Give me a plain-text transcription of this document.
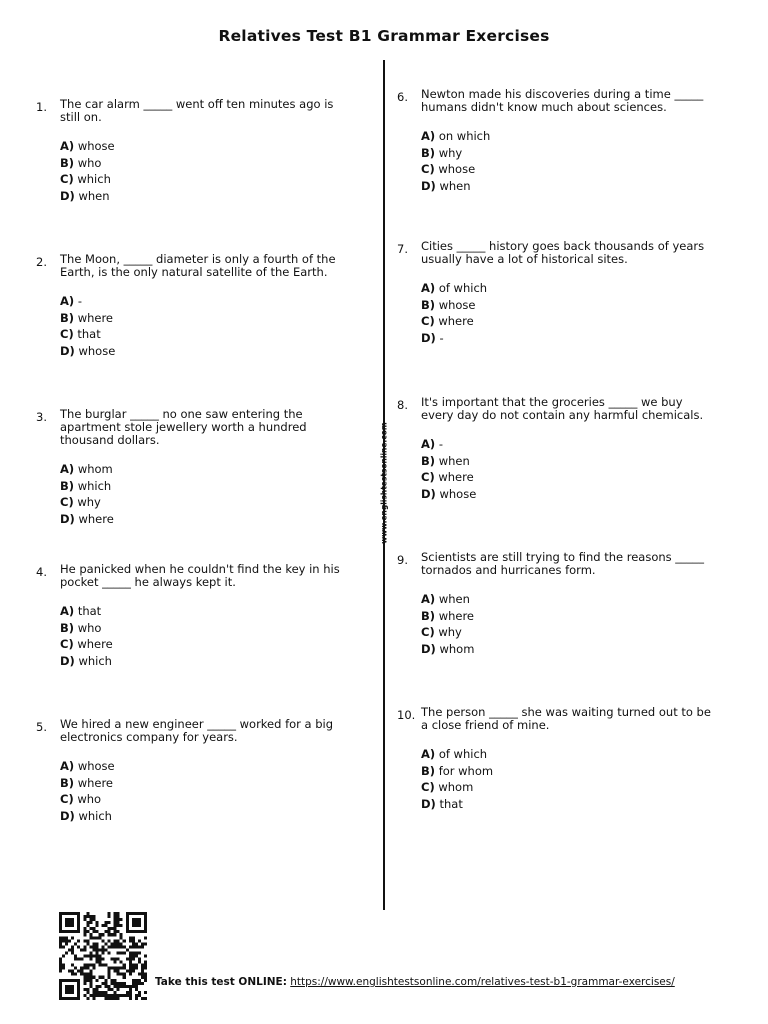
Relatives Test B1 Grammar Exercises
www.englishtestsonline.com
1.	The car alarm _____ went off ten minutes ago is still on.
A) whose
B) who
C) which
D) when
2.	The Moon, _____ diameter is only a fourth of the Earth, is the only natural satellite of the Earth.
A) -
B) where
C) that
D) whose
3.	The burglar _____ no one saw entering the apartment stole jewellery worth a hundred thousand dollars.
A) whom
B) which
C) why
D) where
4.	He panicked when he couldn't find the key in his pocket _____ he always kept it.
A) that
B) who
C) where
D) which
5.	We hired a new engineer _____ worked for a big electronics company for years.
A) whose
B) where
C) who
D) which
6.	Newton made his discoveries during a time _____ humans didn't know much about sciences.
A) on which
B) why
C) whose
D) when
7.	Cities _____ history goes back thousands of years usually have a lot of historical sites.
A) of which
B) whose
C) where
D) -
8.	It's important that the groceries _____ we buy every day do not contain any harmful chemicals.
A) -
B) when
C) where
D) whose
9.	Scientists are still trying to find the reasons _____ tornados and hurricanes form.
A) when
B) where
C) why
D) whom
10. The person _____ she was waiting turned out to be a close friend of mine.
A) of which
B) for whom
C) whom
D) that
Take this test ONLINE: https://www.englishtestsonline.com/relatives-test-b1-grammar-exercises/
